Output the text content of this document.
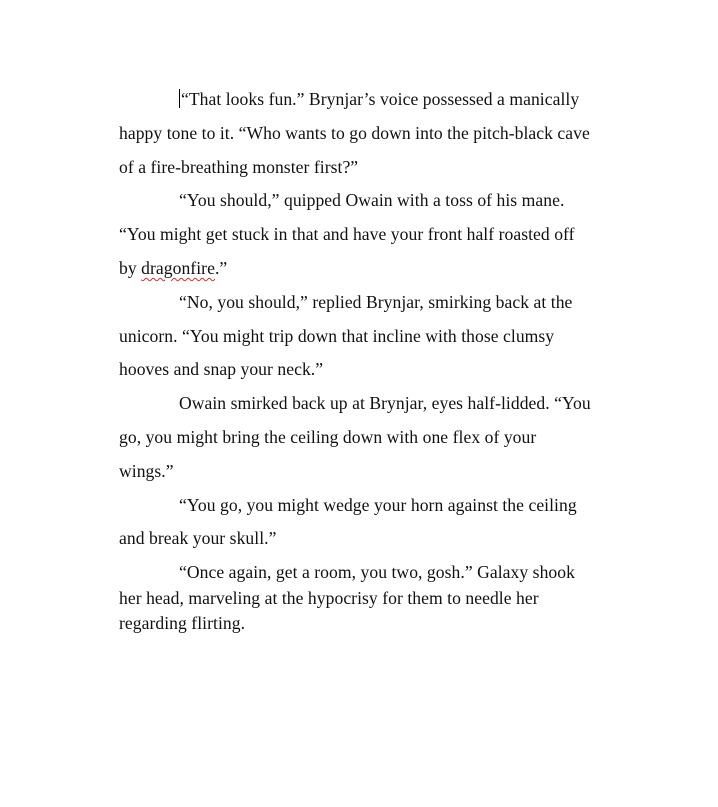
“That looks fun.” Brynjar’s voice possessed a manically happy tone to it. “Who wants to go down into the pitch-black cave of a fire-breathing monster first?”

“You should,” quipped Owain with a toss of his mane. “You might get stuck in that and have your front half roasted off by dragonfire.”

“No, you should,” replied Brynjar, smirking back at the unicorn. “You might trip down that incline with those clumsy hooves and snap your neck.”

Owain smirked back up at Brynjar, eyes half-lidded. “You go, you might bring the ceiling down with one flex of your wings.”

“You go, you might wedge your horn against the ceiling and break your skull.”

“Once again, get a room, you two, gosh.” Galaxy shook her head, marveling at the hypocrisy for them to needle her regarding flirting.
